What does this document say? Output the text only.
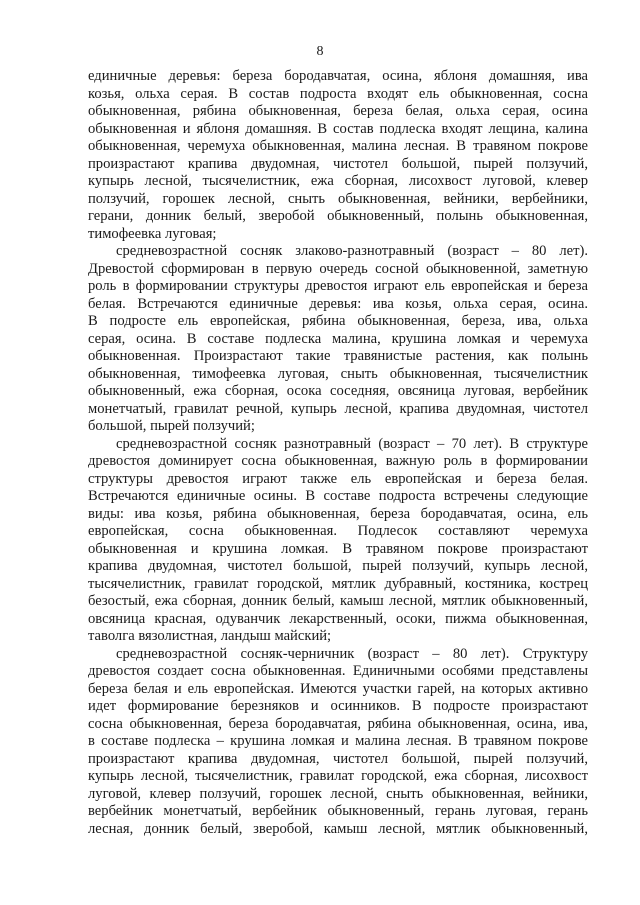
8
единичные деревья: береза бородавчатая, осина, яблоня домашняя, ива
козья, ольха серая. В состав подроста входят ель обыкновенная, сосна
обыкновенная, рябина обыкновенная, береза белая, ольха серая, осина
обыкновенная и яблоня домашняя. В состав подлеска входят лещина, калина
обыкновенная, черемуха обыкновенная, малина лесная. В травяном покрове
произрастают крапива двудомная, чистотел большой, пырей ползучий,
купырь лесной, тысячелистник, ежа сборная, лисохвост луговой, клевер
ползучий, горошек лесной, сныть обыкновенная, вейники, вербейники,
герани, донник белый, зверобой обыкновенный, полынь обыкновенная,
тимофеевка луговая;
средневозрастной сосняк злаково-разнотравный (возраст – 80 лет).
Древостой сформирован в первую очередь сосной обыкновенной, заметную
роль в формировании структуры древостоя играют ель европейская и береза
белая. Встречаются единичные деревья: ива козья, ольха серая, осина.
В подросте ель европейская, рябина обыкновенная, береза, ива, ольха
серая, осина. В составе подлеска малина, крушина ломкая и черемуха
обыкновенная. Произрастают такие травянистые растения, как полынь
обыкновенная, тимофеевка луговая, сныть обыкновенная, тысячелистник
обыкновенный, ежа сборная, осока соседняя, овсяница луговая, вербейник
монетчатый, гравилат речной, купырь лесной, крапива двудомная, чистотел
большой, пырей ползучий;
средневозрастной сосняк разнотравный (возраст – 70 лет). В структуре
древостоя доминирует сосна обыкновенная, важную роль в формировании
структуры древостоя играют также ель европейская и береза белая.
Встречаются единичные осины. В составе подроста встречены следующие
виды: ива козья, рябина обыкновенная, береза бородавчатая, осина, ель
европейская, сосна обыкновенная. Подлесок составляют черемуха
обыкновенная и крушина ломкая. В травяном покрове произрастают
крапива двудомная, чистотел большой, пырей ползучий, купырь лесной,
тысячелистник, гравилат городской, мятлик дубравный, костяника, кострец
безостый, ежа сборная, донник белый, камыш лесной, мятлик обыкновенный,
овсяница красная, одуванчик лекарственный, осоки, пижма обыкновенная,
таволга вязолистная, ландыш майский;
средневозрастной сосняк-черничник (возраст – 80 лет). Структуру
древостоя создает сосна обыкновенная. Единичными особями представлены
береза белая и ель европейская. Имеются участки гарей, на которых активно
идет формирование березняков и осинников. В подросте произрастают
сосна обыкновенная, береза бородавчатая, рябина обыкновенная, осина, ива,
в составе подлеска – крушина ломкая и малина лесная. В травяном покрове
произрастают крапива двудомная, чистотел большой, пырей ползучий,
купырь лесной, тысячелистник, гравилат городской, ежа сборная, лисохвост
луговой, клевер ползучий, горошек лесной, сныть обыкновенная, вейники,
вербейник монетчатый, вербейник обыкновенный, герань луговая, герань
лесная, донник белый, зверобой, камыш лесной, мятлик обыкновенный,
